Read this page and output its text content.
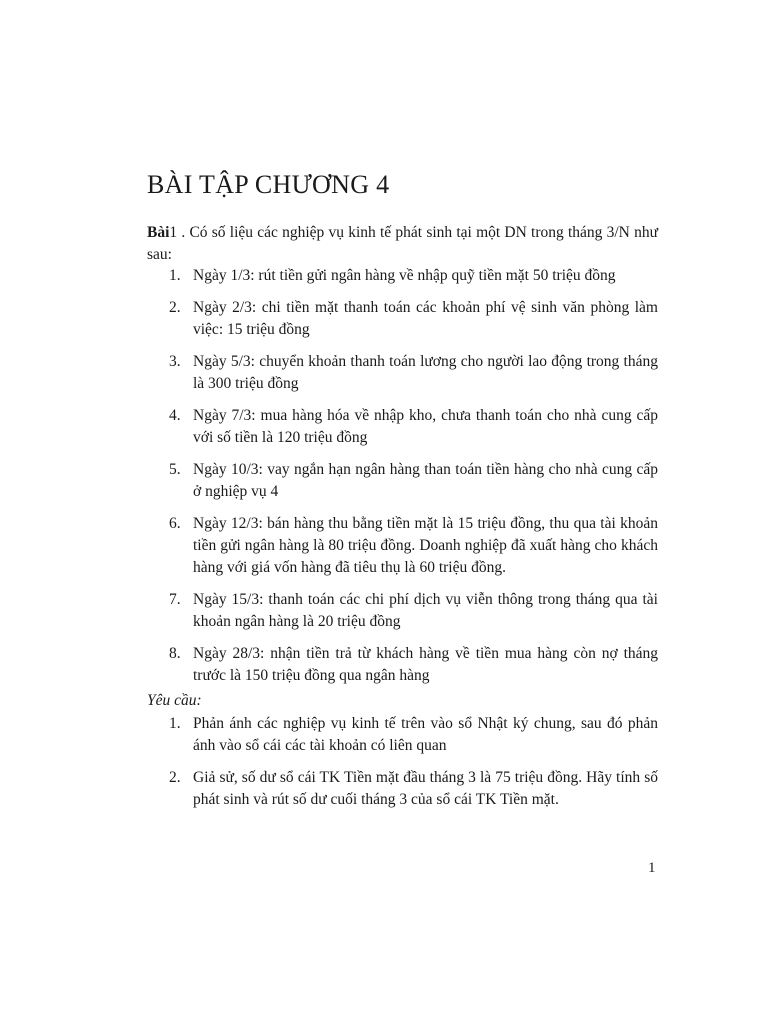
BÀI TẬP CHƯƠNG 4

Bài1 . Có số liệu các nghiệp vụ kinh tế phát sinh tại một DN trong tháng 3/N như sau:

1. Ngày 1/3: rút tiền gửi ngân hàng về nhập quỹ tiền mặt 50 triệu đồng
2. Ngày 2/3: chi tiền mặt thanh toán các khoản phí vệ sinh văn phòng làm việc: 15 triệu đồng
3. Ngày 5/3: chuyển khoản thanh toán lương cho người lao động trong tháng là 300 triệu đồng
4. Ngày 7/3: mua hàng hóa về nhập kho, chưa thanh toán cho nhà cung cấp với số tiền là 120 triệu đồng
5. Ngày 10/3: vay ngắn hạn ngân hàng than toán tiền hàng cho nhà cung cấp ở nghiệp vụ 4
6. Ngày 12/3: bán hàng thu bằng tiền mặt là 15 triệu đồng, thu qua tài khoản tiền gửi ngân hàng là 80 triệu đồng. Doanh nghiệp đã xuất hàng cho khách hàng với giá vốn hàng đã tiêu thụ là 60 triệu đồng.
7. Ngày 15/3: thanh toán các chi phí dịch vụ viễn thông trong tháng qua tài khoản ngân hàng là 20 triệu đồng
8. Ngày 28/3: nhận tiền trả từ khách hàng về tiền mua hàng còn nợ tháng trước là 150 triệu đồng qua ngân hàng

Yêu cầu:

1. Phản ánh các nghiệp vụ kinh tế trên vào sổ Nhật ký chung, sau đó phản ánh vào sổ cái các tài khoản có liên quan
2. Giả sử, số dư sổ cái TK Tiền mặt đầu tháng 3 là 75 triệu đồng. Hãy tính số phát sinh và rút số dư cuối tháng 3 của sổ cái TK Tiền mặt.
1
